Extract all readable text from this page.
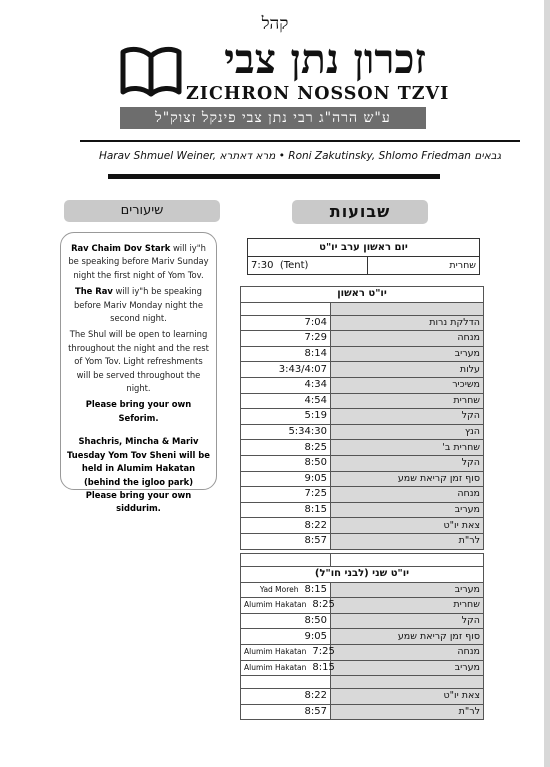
קהל
זכרון נתן צבי
ZICHRON NOSSON TZVI
ע"ש הרה"ג רבי נתן צבי פינקל זצוק"ל
Harav Shmuel Weiner, מרא דאתרא • Roni Zakutinsky, Shlomo Friedman גבאים
שיעורים	שבועות

Rav Chaim Dov Stark will iy"h be speaking before Mariv Sunday night the first night of Yom Tov.

The Rav will iy"h be speaking before Mariv Monday night the second night.

The Shul will be open to learning throughout the night and the rest of Yom Tov. Light refreshments will be served throughout the night.

Please bring your own Seforim.

Shachris, Mincha & Mariv Tuesday Yom Tov Sheni will be held in Alumim Hakatan (behind the igloo park) Please bring your own siddurim.

יום ראשון ערב יו"ט
7:30 (Tent)	שחרית
יו"ט ראשון	

7:04	הדלקת נרות
7:29	מנחה
8:14	מעריב
3:43/4:07	עלות
4:34	משיכיר
4:54	שחרית
5:19	הקל
5:34:30	הנץ
8:25	שחרית ב'
8:50	הקל
9:05	סוף זמן קריאת שמע
7:25	מנחה
8:15	מעריב
8:22	צאת יו"ט
8:57	לר"ת

יו"ט שני (לבני חו"ל)	
Yad Moreh 8:15	מעריב
Alumim Hakatan 8:25	שחרית
8:50	הקל
9:05	סוף זמן קריאת שמע
Alumim Hakatan 7:25	מנחה
Alumim Hakatan 8:15	מעריב

8:22	צאת יו"ט
8:57	לר"ת
